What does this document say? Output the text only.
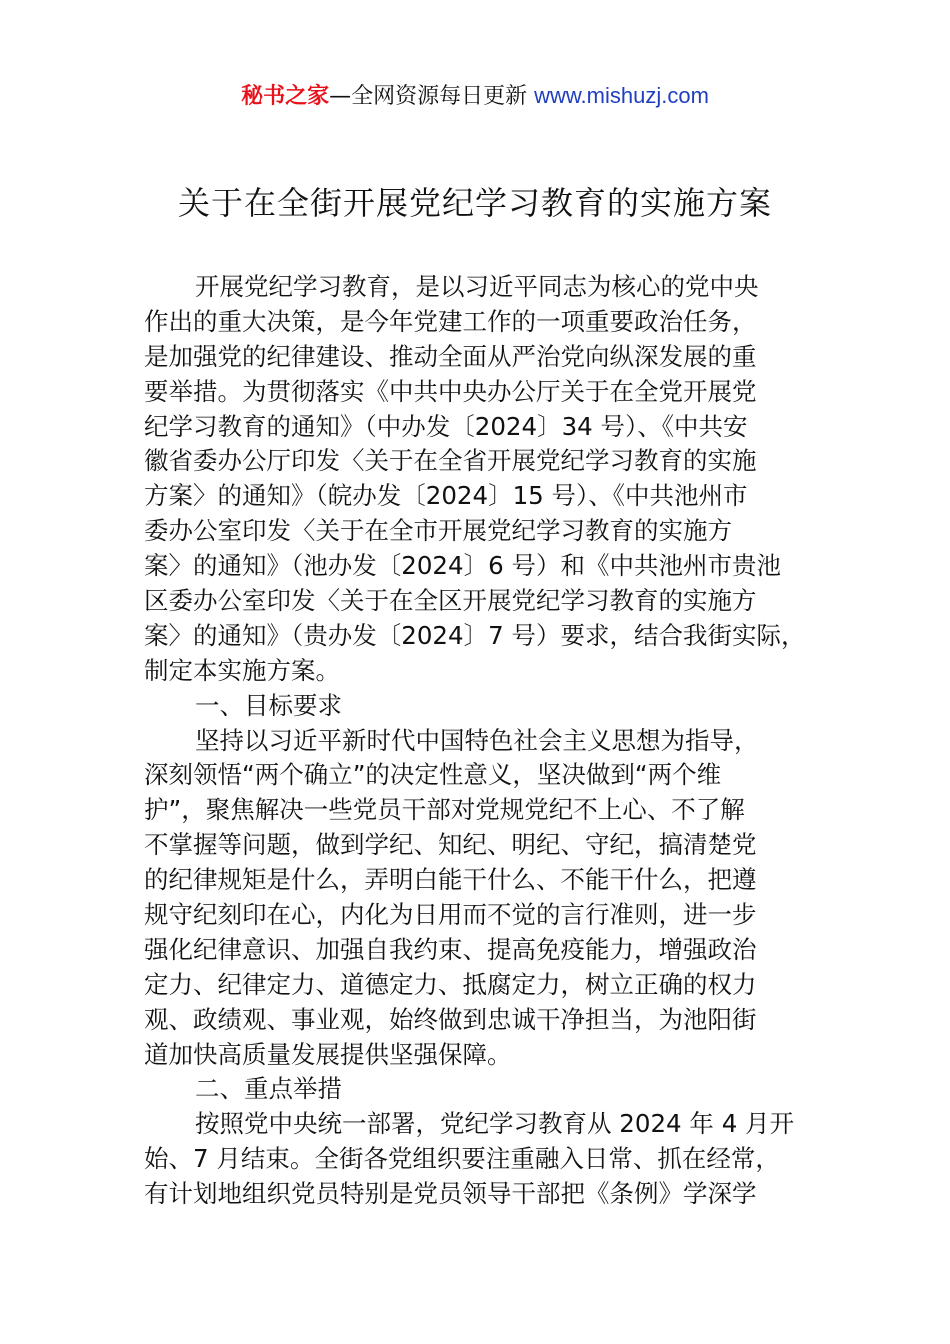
秘书之家—全网资源每日更新 www.mishuzj.com
关于在全街开展党纪学习教育的实施方案
开展党纪学习教育，是以习近平同志为核心的党中央
作出的重大决策，是今年党建工作的一项重要政治任务，
是加强党的纪律建设、推动全面从严治党向纵深发展的重
要举措。为贯彻落实《中共中央办公厅关于在全党开展党
纪学习教育的通知》（中办发〔2024〕34 号）、《中共安
徽省委办公厅印发〈关于在全省开展党纪学习教育的实施
方案〉的通知》（皖办发〔2024〕15 号）、《中共池州市
委办公室印发〈关于在全市开展党纪学习教育的实施方
案〉的通知》（池办发〔2024〕6 号）和《中共池州市贵池
区委办公室印发〈关于在全区开展党纪学习教育的实施方
案〉的通知》（贵办发〔2024〕7 号）要求，结合我街实际，
制定本实施方案。
一、目标要求
坚持以习近平新时代中国特色社会主义思想为指导，
深刻领悟“两个确立”的决定性意义，坚决做到“两个维
护”，聚焦解决一些党员干部对党规党纪不上心、不了解
不掌握等问题，做到学纪、知纪、明纪、守纪，搞清楚党
的纪律规矩是什么，弄明白能干什么、不能干什么，把遵
规守纪刻印在心，内化为日用而不觉的言行准则，进一步
强化纪律意识、加强自我约束、提高免疫能力，增强政治
定力、纪律定力、道德定力、抵腐定力，树立正确的权力
观、政绩观、事业观，始终做到忠诚干净担当，为池阳街
道加快高质量发展提供坚强保障。
二、重点举措
按照党中央统一部署，党纪学习教育从 2024 年 4 月开
始、7 月结束。全街各党组织要注重融入日常、抓在经常，
有计划地组织党员特别是党员领导干部把《条例》学深学
